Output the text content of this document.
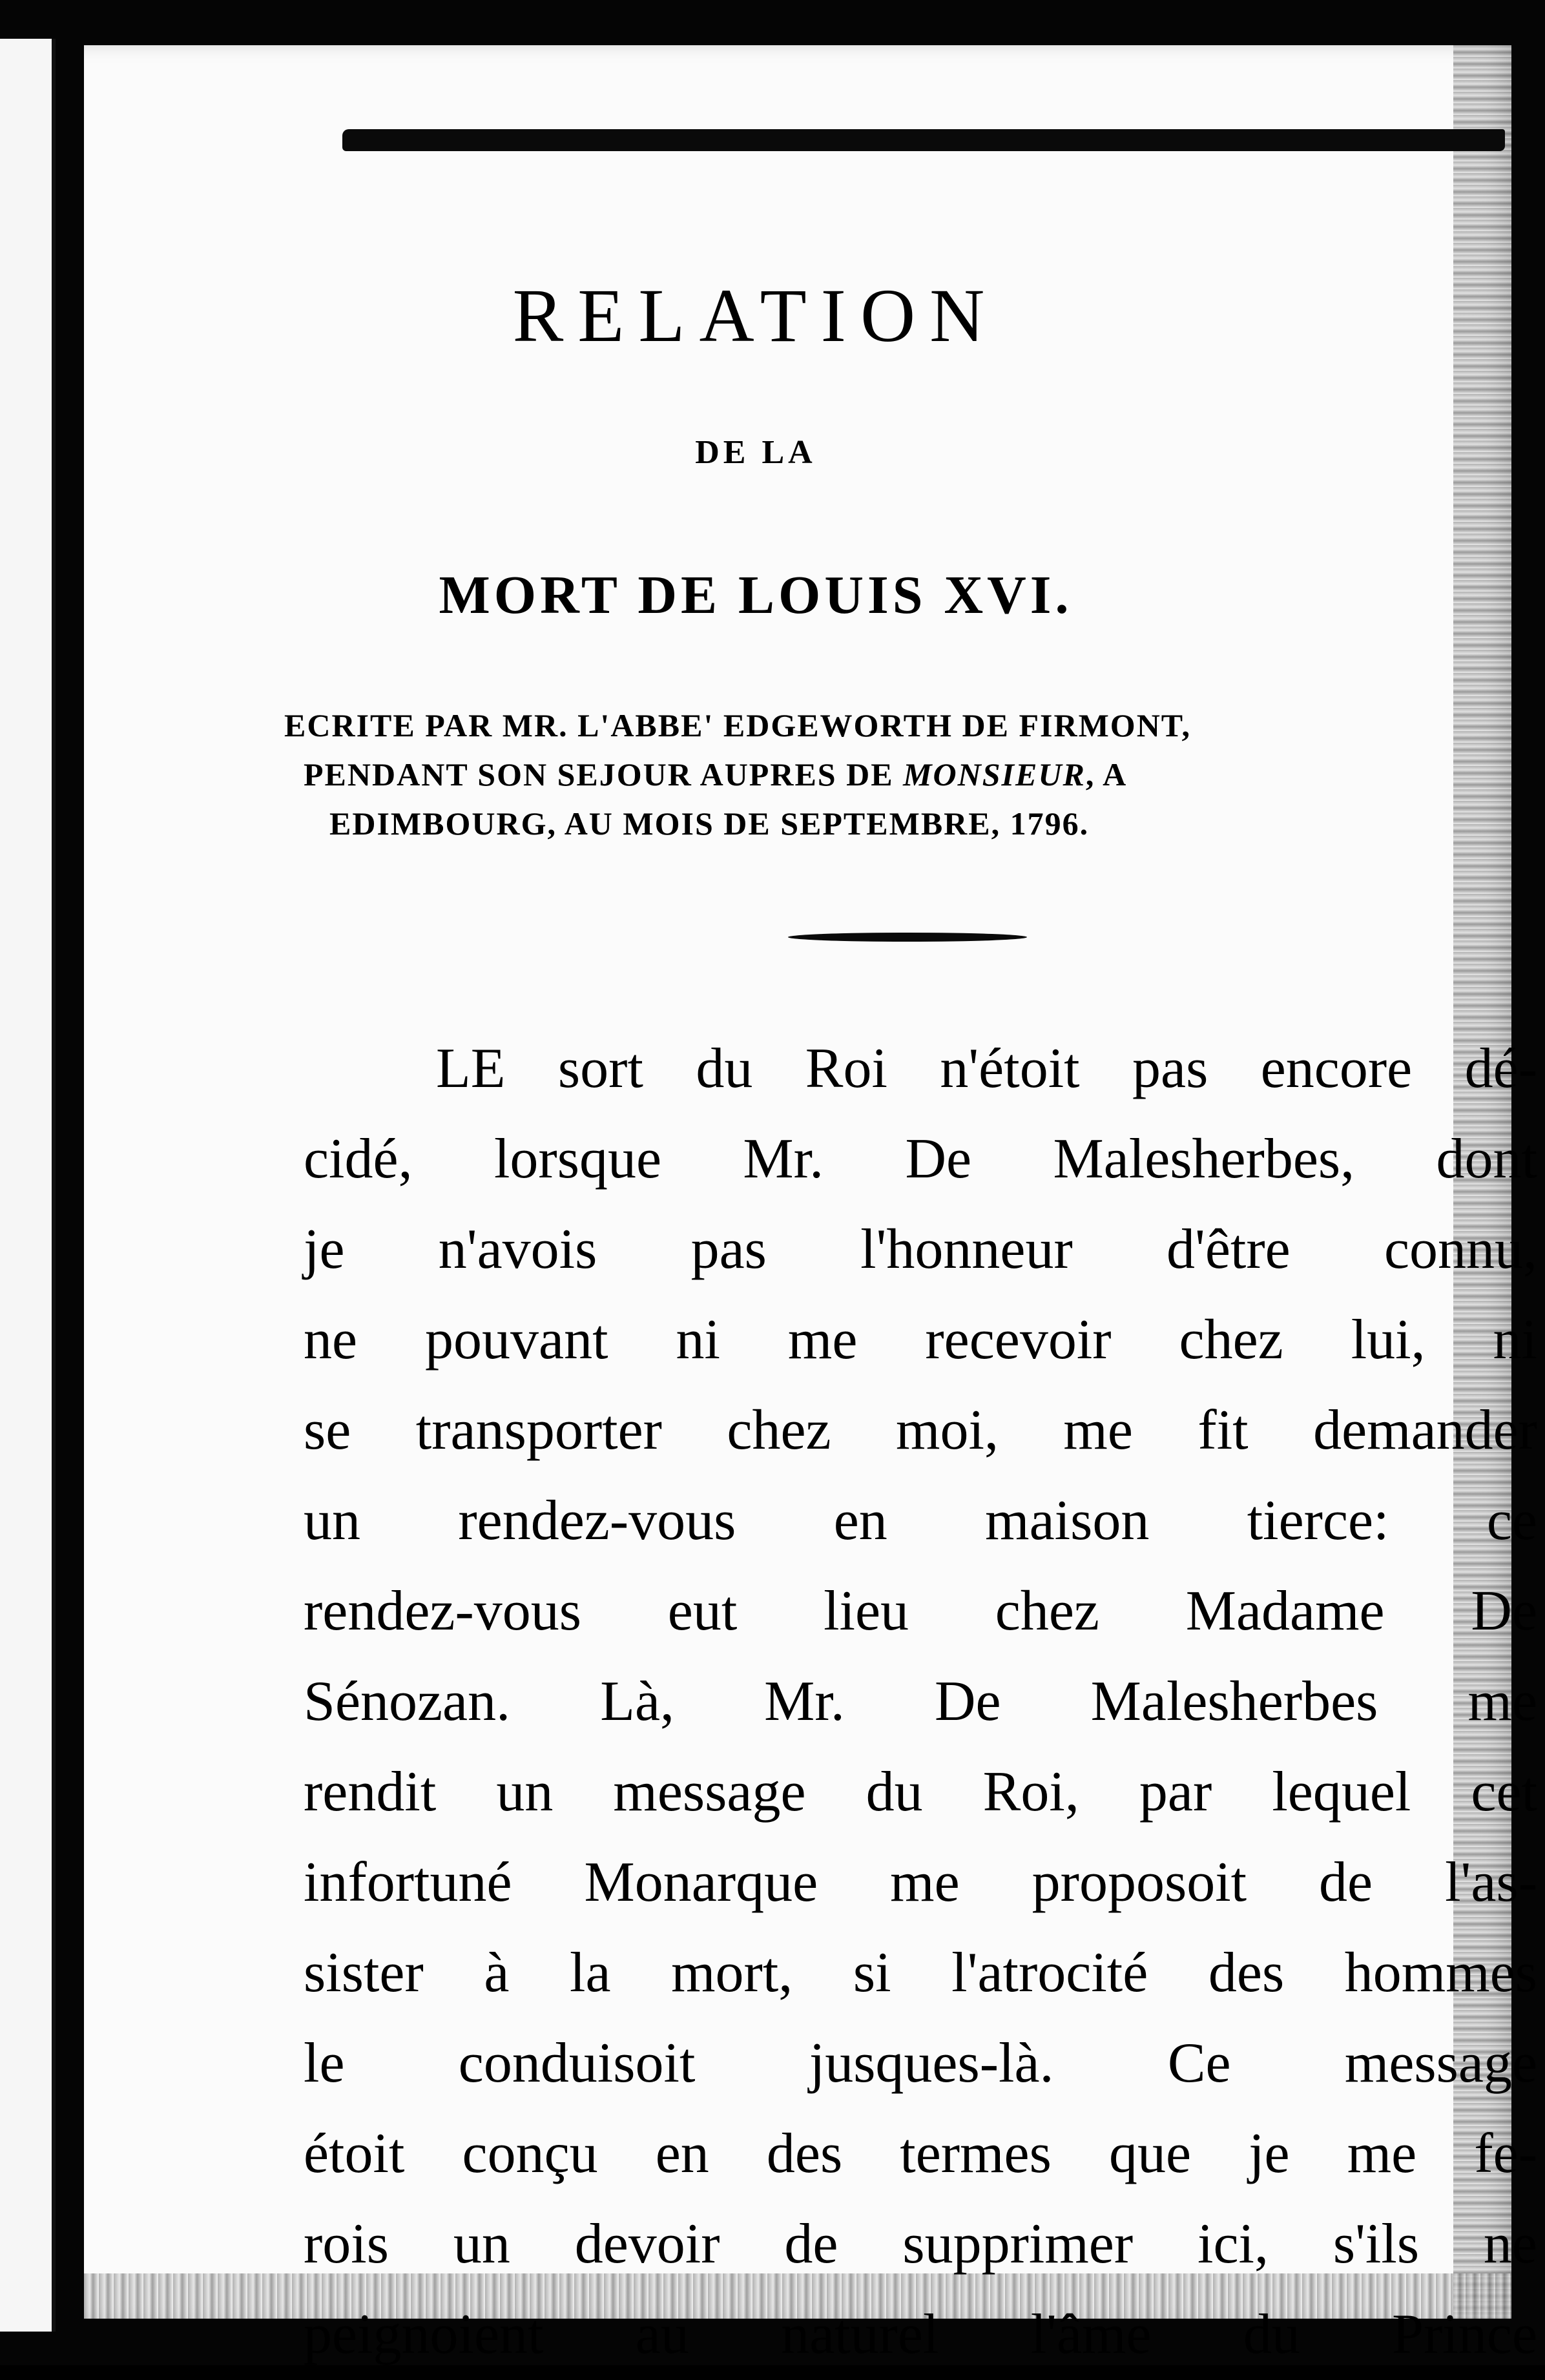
RELATION
DE LA
MORT DE LOUIS XVI.
ECRITE PAR MR. L'ABBE' EDGEWORTH DE FIRMONT,
PENDANT SON SEJOUR AUPRES DE MONSIEUR, A
EDIMBOURG, AU MOIS DE SEPTEMBRE, 1796.
LE sort du Roi n'étoit pas encore dé-
cidé, lorsque Mr. De Malesherbes, dont
je n'avois pas l'honneur d'être connu,
ne pouvant ni me recevoir chez lui, ni
se transporter chez moi, me fit demander
un rendez-vous en maison tierce: ce
rendez-vous eut lieu chez Madame De
Sénozan. Là, Mr. De Malesherbes me
rendit un message du Roi, par lequel cet
infortuné Monarque me proposoit de l'as-
sister à la mort, si l'atrocité des hommes
le conduisoit jusques-là. Ce message
étoit conçu en des termes que je me fe-
rois un devoir de supprimer ici, s'ils ne
peignoient au naturel l'âme du Prince
